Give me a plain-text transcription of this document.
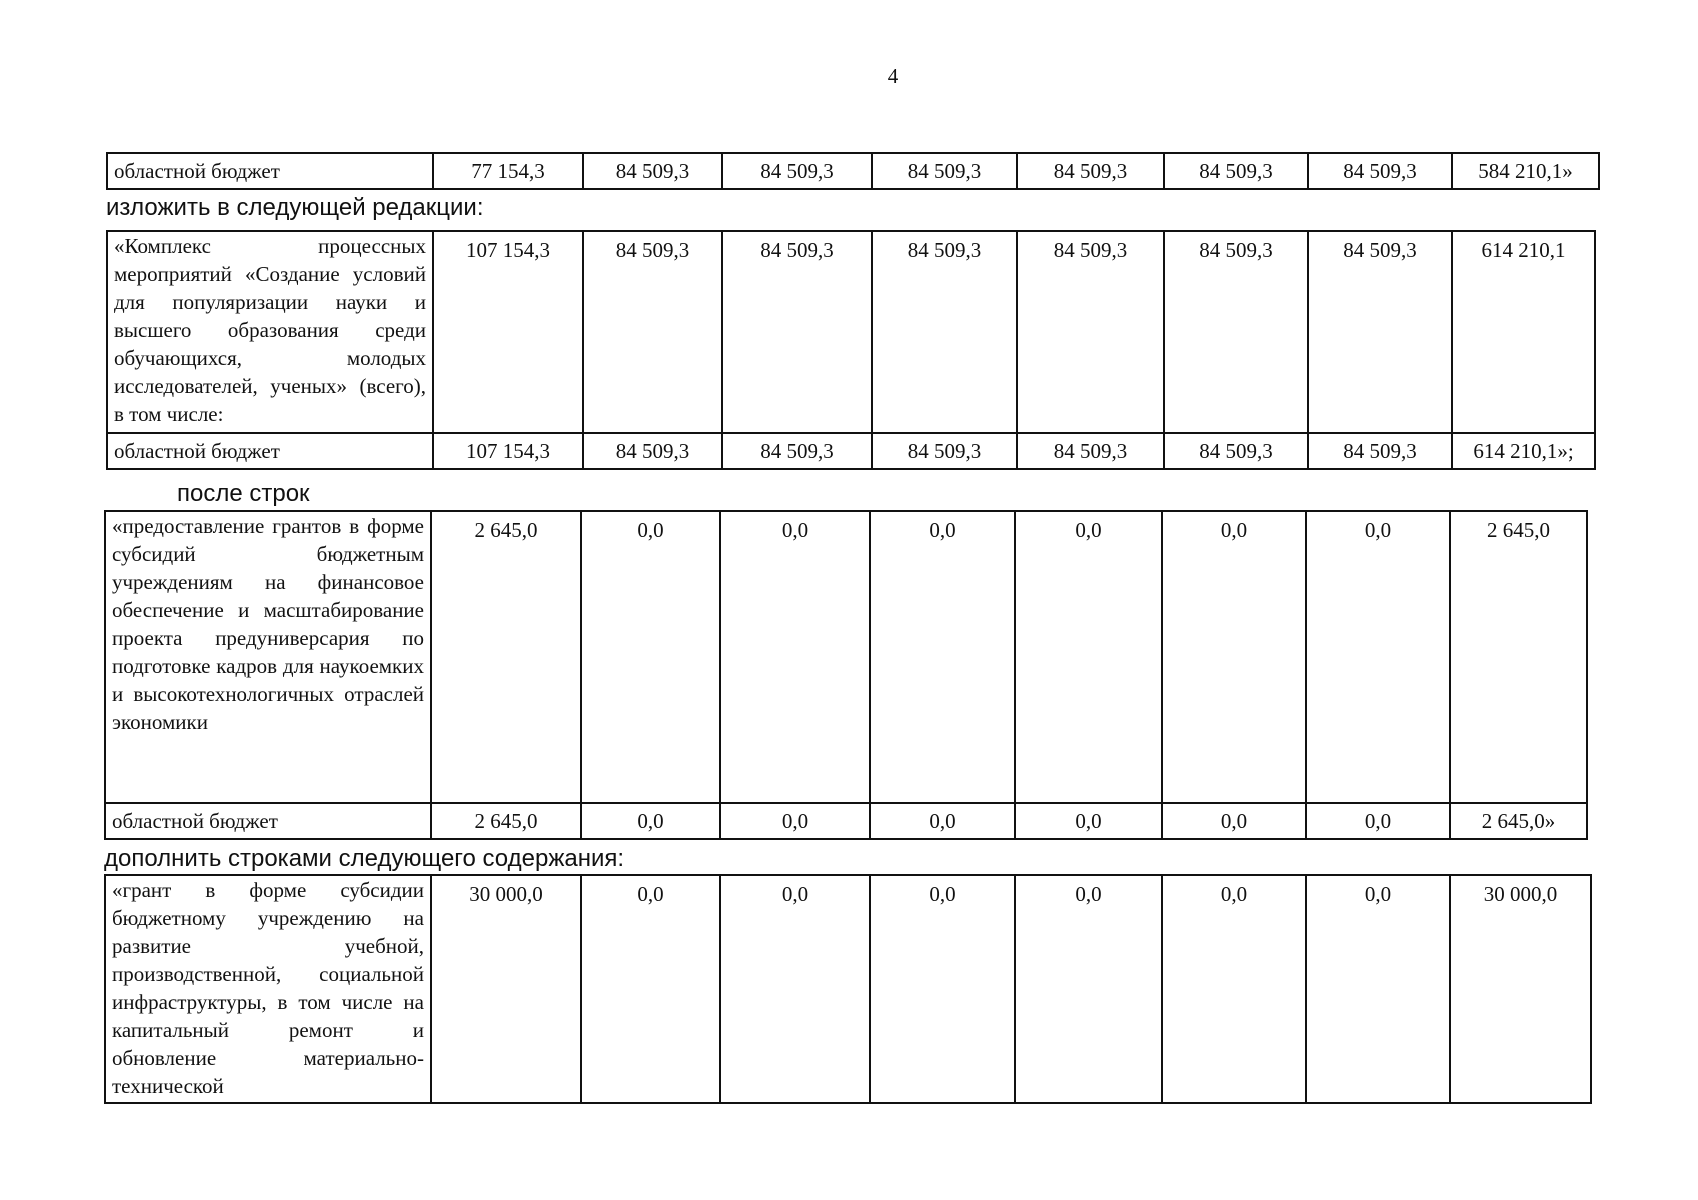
4
областной бюджет	77 154,3	84 509,3	84 509,3	84 509,3	84 509,3	84 509,3	84 509,3	584 210,1»
изложить в следующей редакции:
«Комплекс процессных мероприятий «Создание условий для популяризации науки и высшего образования среди обучающихся, молодых исследователей, ученых» (всего), в том числе:	107 154,3	84 509,3	84 509,3	84 509,3	84 509,3	84 509,3	84 509,3	614 210,1
областной бюджет	107 154,3	84 509,3	84 509,3	84 509,3	84 509,3	84 509,3	84 509,3	614 210,1»;
после строк
«предоставление грантов в форме субсидий бюджетным учреждениям на финансовое обеспечение и масштабирование проекта предуниверсария по подготовке кадров для наукоемких и высокотехнологичных отраслей экономики	2 645,0	0,0	0,0	0,0	0,0	0,0	0,0	2 645,0
областной бюджет	2 645,0	0,0	0,0	0,0	0,0	0,0	0,0	2 645,0»
дополнить строками следующего содержания:
«грант в форме субсидии бюджетному учреждению на развитие учебной, производственной, социальной инфраструктуры, в том числе на капитальный ремонт и обновление материально-технической	30 000,0	0,0	0,0	0,0	0,0	0,0	0,0	30 000,0
